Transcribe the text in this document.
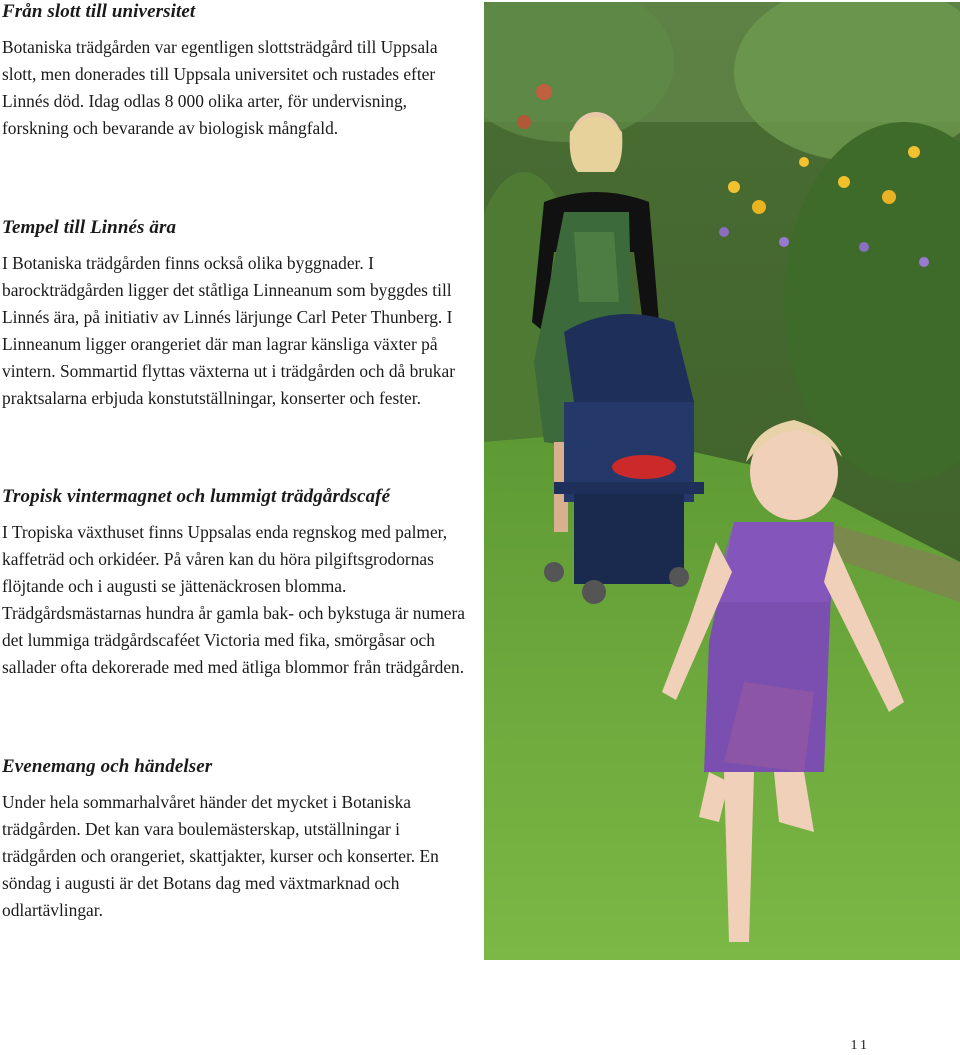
Från slott till universitet

Botaniska trädgården var egentligen slottsträdgård till Uppsala slott, men donerades till Uppsala universitet och rustades efter Linnés död. Idag odlas 8 000 olika arter, för undervisning, forskning och bevarande av biologisk mångfald.

Tempel till Linnés ära

I Botaniska trädgården finns också olika byggnader. I barockträdgården ligger det ståtliga Linneanum som byggdes till Linnés ära, på initiativ av Linnés lärjunge Carl Peter Thunberg. I Linneanum ligger orangeriet där man lagrar känsliga växter på vintern. Sommartid flyttas växterna ut i trädgården och då brukar praktsalarna erbjuda konstutställningar, konserter och fester.

Tropisk vintermagnet och lummigt trädgårdscafé

I Tropiska växthuset finns Uppsalas enda regnskog med palmer, kaffeträd och orkidéer. På våren kan du höra pilgiftsgrodornas flöjtande och i augusti se jättenäckrosen blomma. Trädgårdsmästarnas hundra år gamla bak- och bykstuga är numera det lummiga trädgårdscaféet Victoria med fika, smörgåsar och sallader ofta dekorerade med med ätliga blommor från trädgården.

Evenemang och händelser

Under hela sommarhalvåret händer det mycket i Botaniska trädgården. Det kan vara boulemästerskap, utställningar i trädgården och orangeriet, skattjakter, kurser och konserter. En söndag i augusti är det Botans dag med växtmarknad och odlartävlingar.

11
